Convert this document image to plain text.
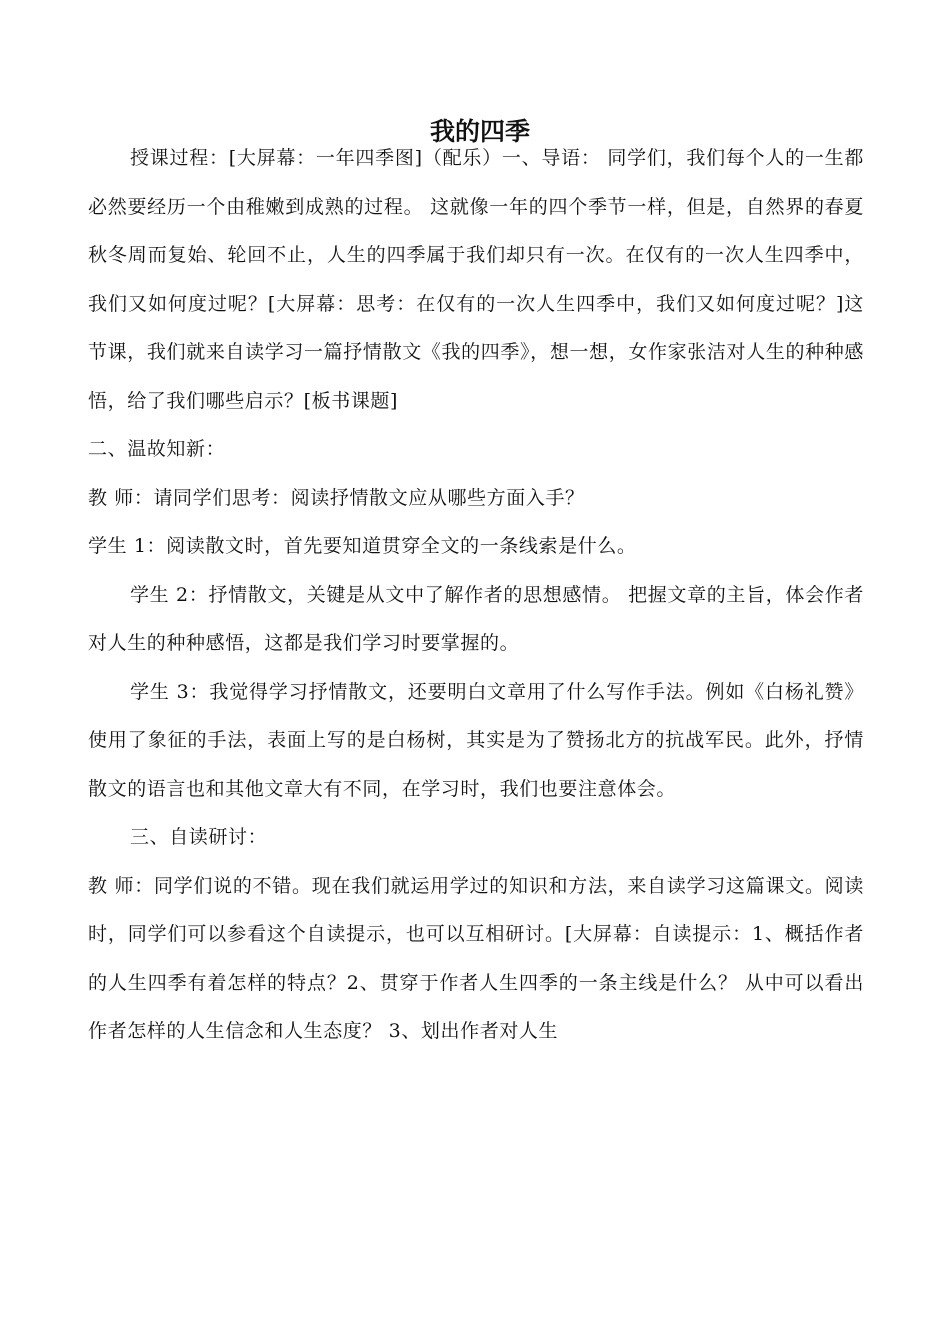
我的四季

授课过程：[大屏幕：一年四季图]（配乐）一、导语： 同学们，我们每个人的一生都必然要经历一个由稚嫩到成熟的过程。 这就像一年的四个季节一样，但是，自然界的春夏秋冬周而复始、轮回不止，人生的四季属于我们却只有一次。在仅有的一次人生四季中，我们又如何度过呢？[大屏幕：思考：在仅有的一次人生四季中，我们又如何度过呢？]这节课，我们就来自读学习一篇抒情散文《我的四季》，想一想，女作家张洁对人生的种种感悟，给了我们哪些启示？[板书课题]

二、温故知新：

教 师：请同学们思考：阅读抒情散文应从哪些方面入手？

学生 1：阅读散文时，首先要知道贯穿全文的一条线索是什么。

学生 2：抒情散文，关键是从文中了解作者的思想感情。 把握文章的主旨，体会作者对人生的种种感悟，这都是我们学习时要掌握的。

学生 3：我觉得学习抒情散文，还要明白文章用了什么写作手法。例如《白杨礼赞》使用了象征的手法，表面上写的是白杨树，其实是为了赞扬北方的抗战军民。此外，抒情散文的语言也和其他文章大有不同，在学习时，我们也要注意体会。

三、自读研讨：

教 师：同学们说的不错。现在我们就运用学过的知识和方法，来自读学习这篇课文。阅读时，同学们可以参看这个自读提示，也可以互相研讨。[大屏幕：自读提示：1、概括作者的人生四季有着怎样的特点？2、贯穿于作者人生四季的一条主线是什么？ 从中可以看出作者怎样的人生信念和人生态度？ 3、划出作者对人生
